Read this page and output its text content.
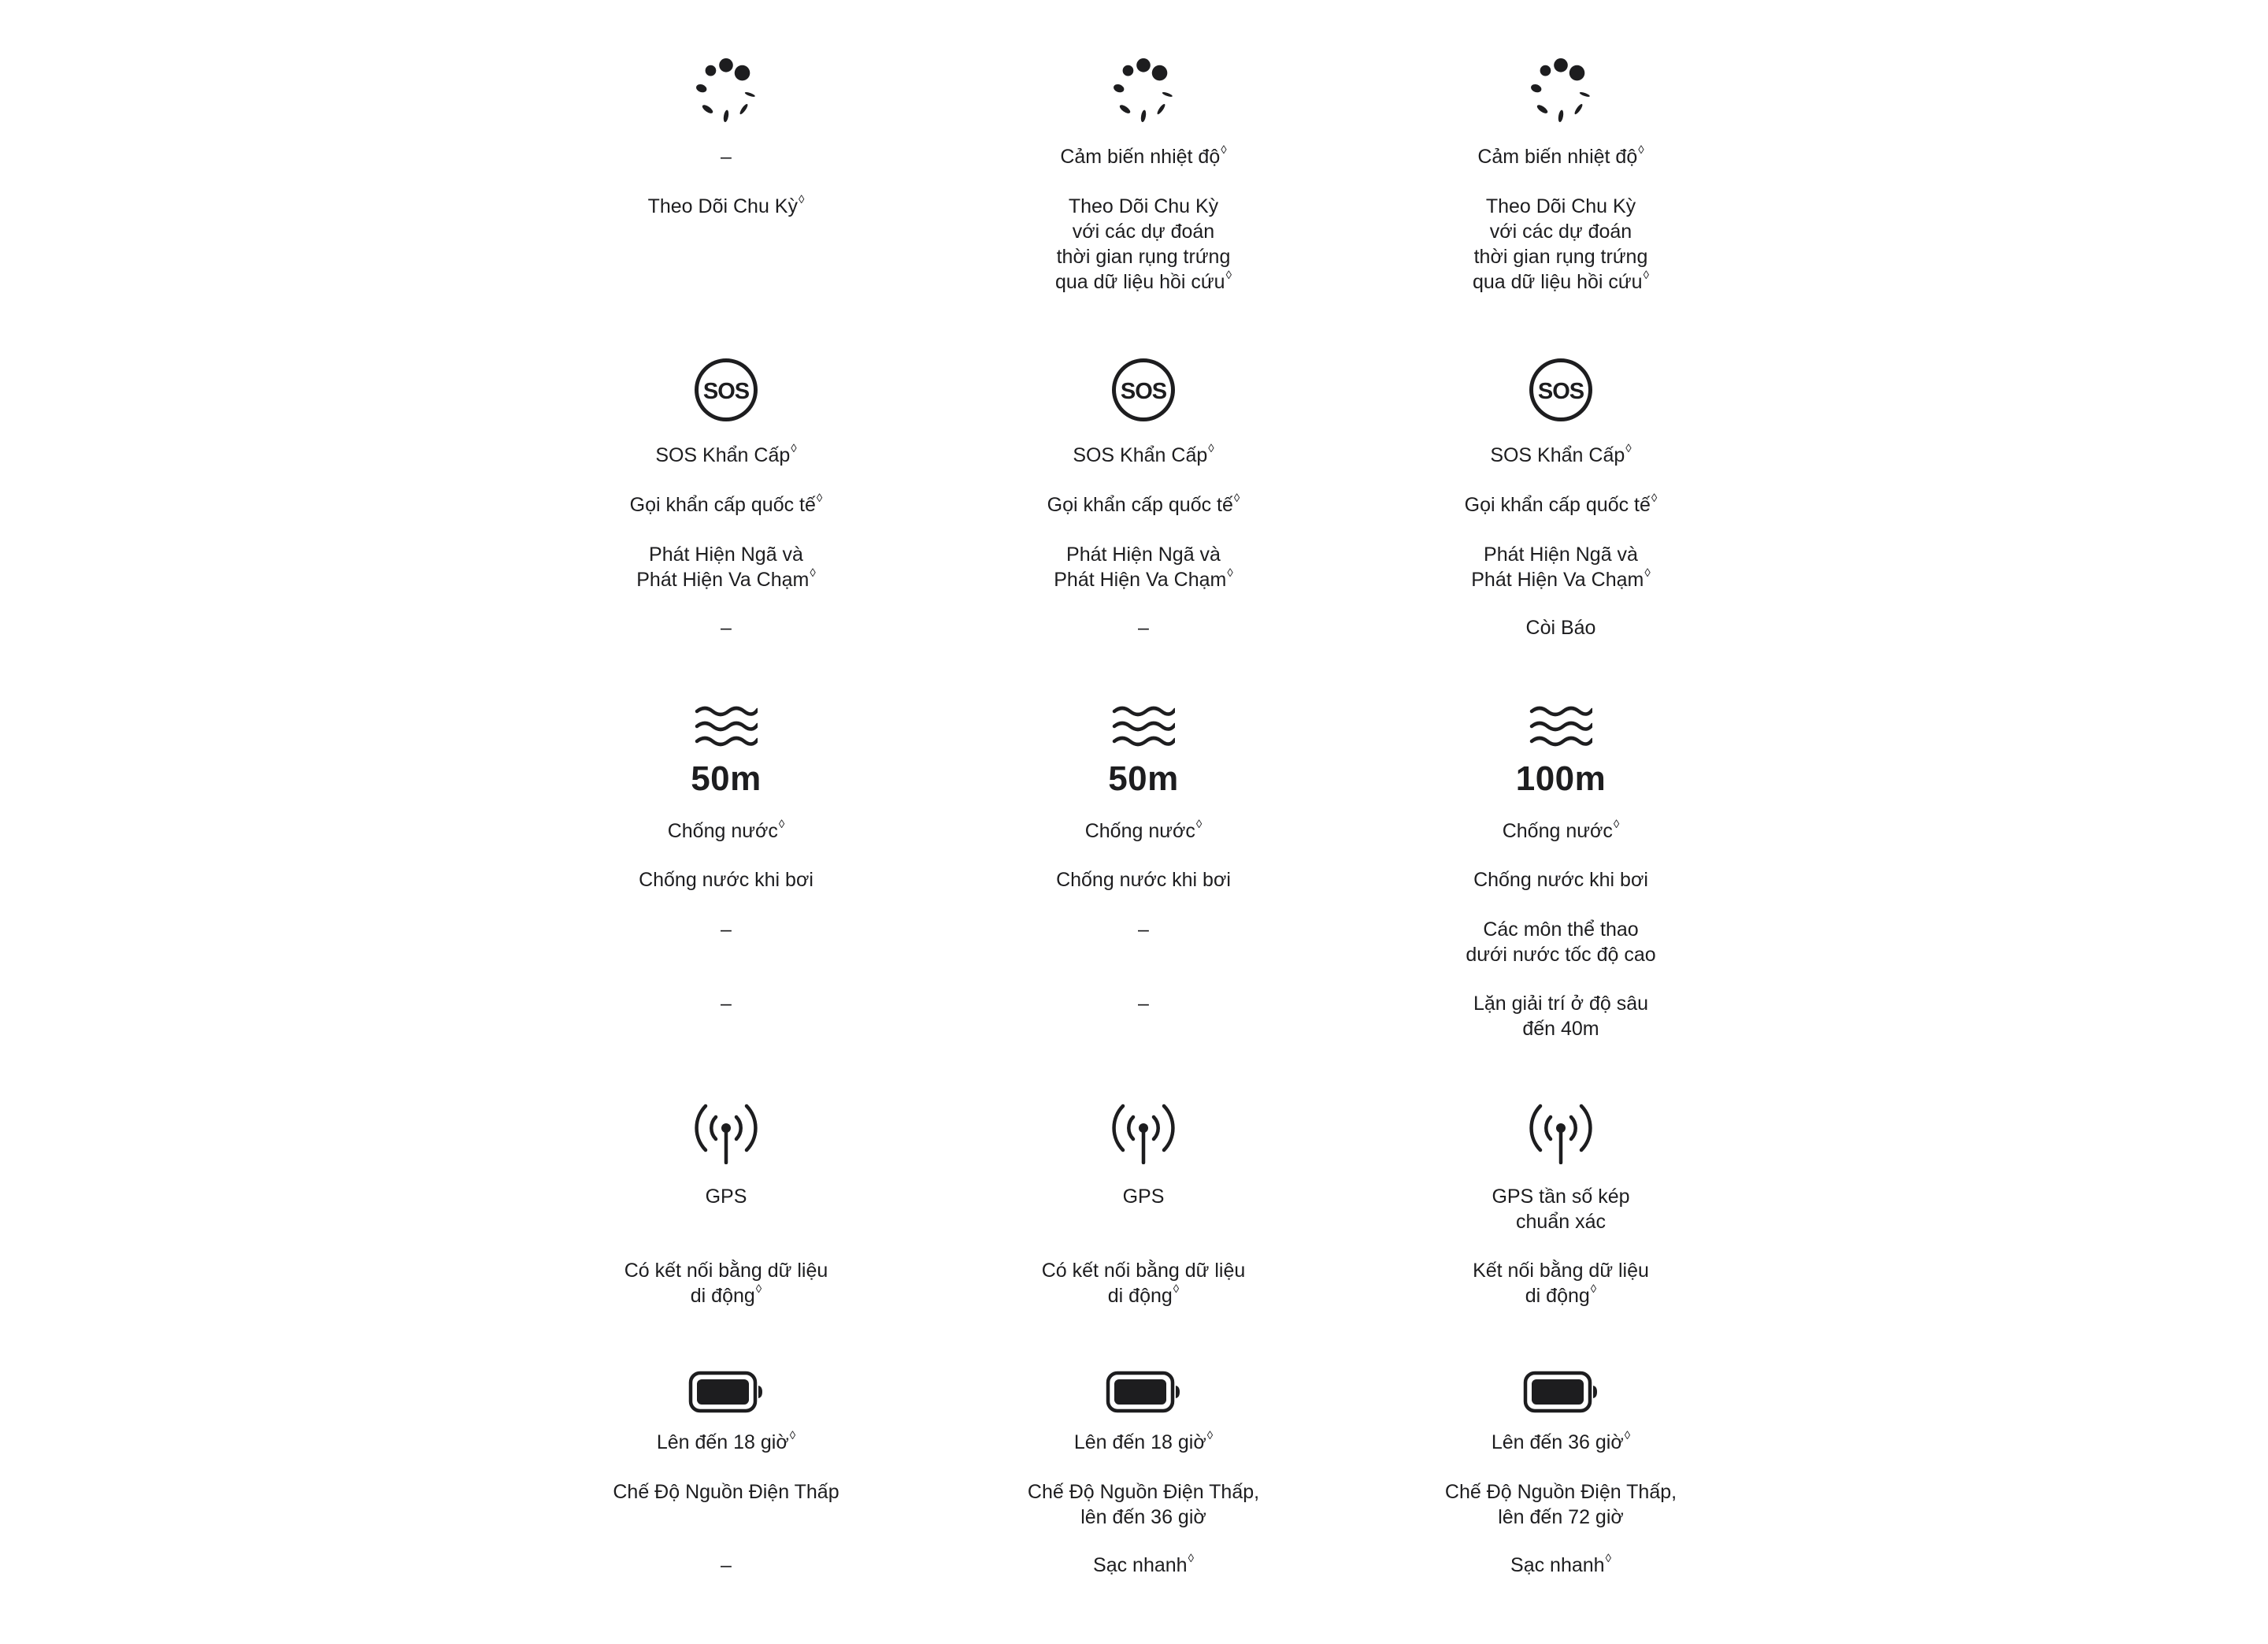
–
Theo Dõi Chu Kỳ◊
SOS Khẩn Cấp◊
Gọi khẩn cấp quốc tế◊
Phát Hiện Ngã và
Phát Hiện Va Chạm◊
–
50m
Chống nước◊
Chống nước khi bơi
–
–
GPS
Có kết nối bằng dữ liệu
di động◊
Lên đến 18 giờ◊
Chế Độ Nguồn Điện Thấp
–
Cảm biến nhiệt độ◊
Theo Dõi Chu Kỳ
với các dự đoán
thời gian rụng trứng
qua dữ liệu hồi cứu◊
SOS Khẩn Cấp◊
Gọi khẩn cấp quốc tế◊
Phát Hiện Ngã và
Phát Hiện Va Chạm◊
–
50m
Chống nước◊
Chống nước khi bơi
–
–
GPS
Có kết nối bằng dữ liệu
di động◊
Lên đến 18 giờ◊
Chế Độ Nguồn Điện Thấp,
lên đến 36 giờ
Sạc nhanh◊
Cảm biến nhiệt độ◊
Theo Dõi Chu Kỳ
với các dự đoán
thời gian rụng trứng
qua dữ liệu hồi cứu◊
SOS Khẩn Cấp◊
Gọi khẩn cấp quốc tế◊
Phát Hiện Ngã và
Phát Hiện Va Chạm◊
Còi Báo
100m
Chống nước◊
Chống nước khi bơi
Các môn thể thao
dưới nước tốc độ cao
Lặn giải trí ở độ sâu
đến 40m
GPS tần số kép
chuẩn xác
Kết nối bằng dữ liệu
di động◊
Lên đến 36 giờ◊
Chế Độ Nguồn Điện Thấp,
lên đến 72 giờ
Sạc nhanh◊
